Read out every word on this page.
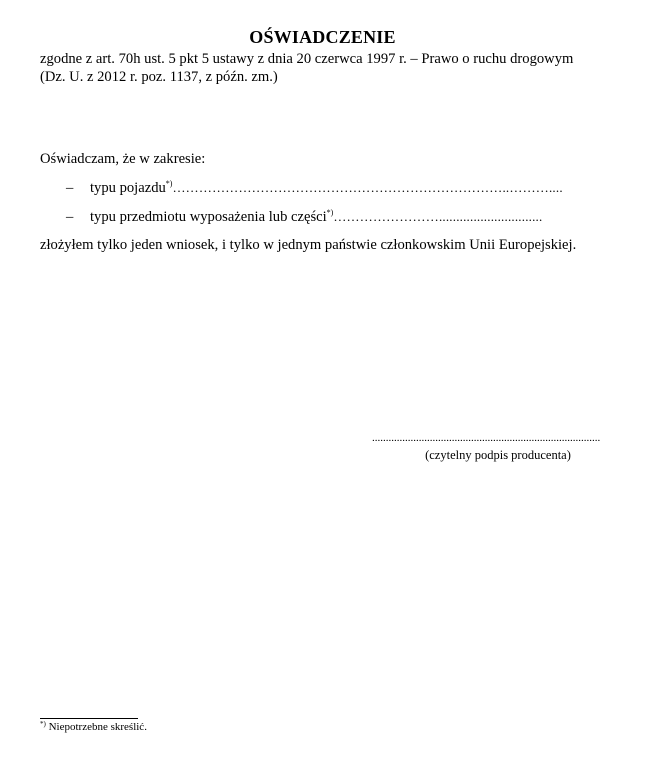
OŚWIADCZENIE
zgodne z art. 70h ust. 5 pkt 5 ustawy z dnia 20 czerwca 1997 r. – Prawo o ruchu drogowym
(Dz. U. z 2012 r. poz. 1137, z późn. zm.)
Oświadczam, że w zakresie:
– typu pojazdu*)…………………………………………………………………..………....
– typu przedmiotu wyposażenia lub części*)……………………..............................
złożyłem tylko jeden wniosek, i tylko w jednym państwie członkowskim Unii Europejskiej.
...................................................................................
(czytelny podpis producenta)
*) Niepotrzebne skreślić.
